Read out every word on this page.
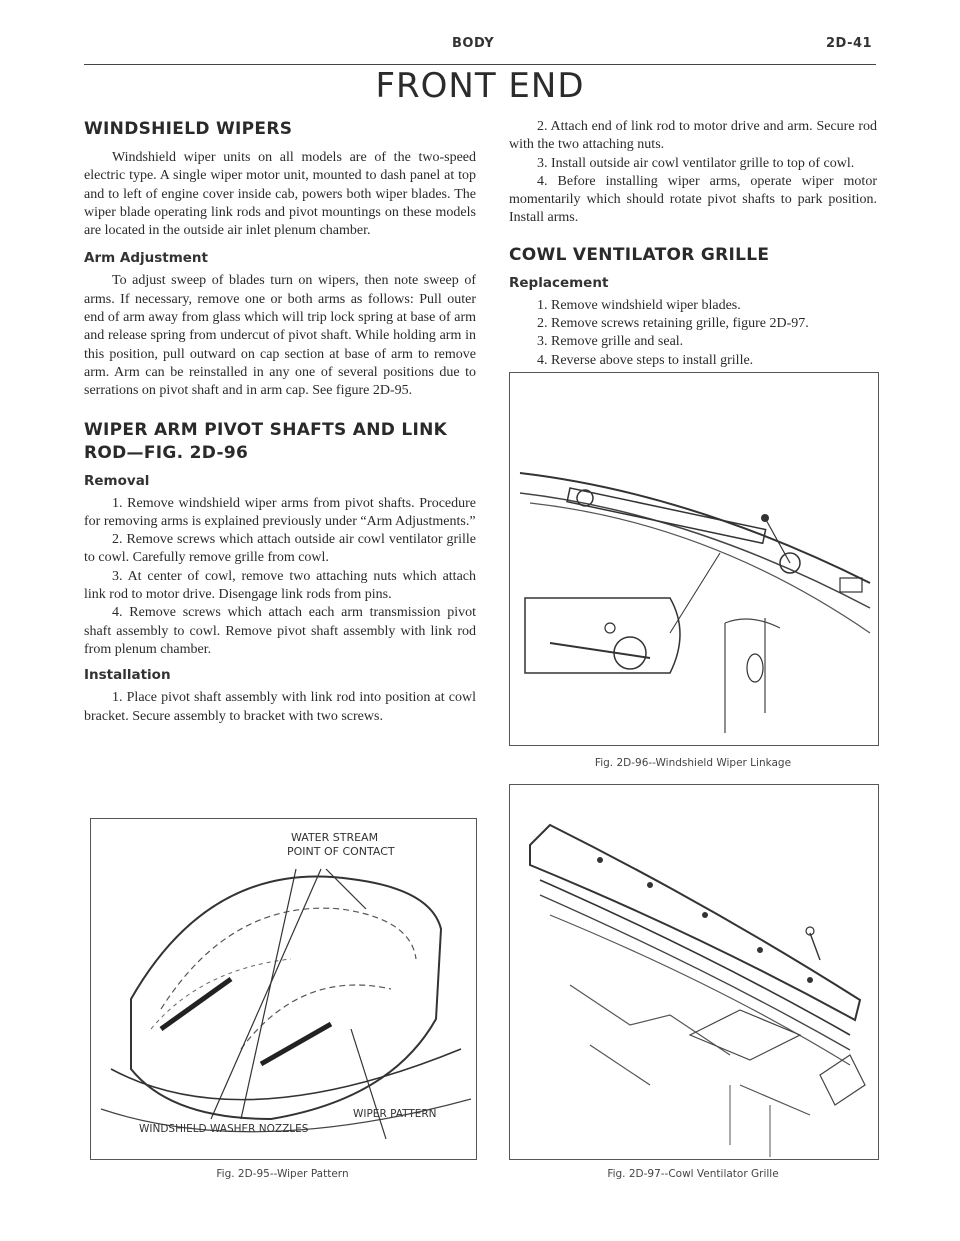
BODY	2D-41
FRONT END
WINDSHIELD WIPERS

Windshield wiper units on all models are of the two-speed electric type. A single wiper motor unit, mounted to dash panel at top and to left of engine cover inside cab, powers both wiper blades. The wiper blade operating link rods and pivot mountings on these models are located in the outside air inlet plenum chamber.

Arm Adjustment

To adjust sweep of blades turn on wipers, then note sweep of arms. If necessary, remove one or both arms as follows: Pull outer end of arm away from glass which will trip lock spring at base of arm and release spring from undercut of pivot shaft. While holding arm in this position, pull outward on cap section at base of arm to remove arm. Arm can be reinstalled in any one of several positions due to serrations on pivot shaft and in arm cap. See figure 2D-95.

WIPER ARM PIVOT SHAFTS AND LINK ROD—FIG. 2D-96
Removal

1. Remove windshield wiper arms from pivot shafts. Procedure for removing arms is explained previously under “Arm Adjustments.”

2. Remove screws which attach outside air cowl ventilator grille to cowl. Carefully remove grille from cowl.

3. At center of cowl, remove two attaching nuts which attach link rod to motor drive. Disengage link rods from pins.

4. Remove screws which attach each arm transmission pivot shaft assembly to cowl. Remove pivot shaft assembly with link rod from plenum chamber.

Installation

1. Place pivot shaft assembly with link rod into position at cowl bracket. Secure assembly to bracket with two screws.

WATER STREAM
POINT OF CONTACT
WIPER PATTERN
WINDSHIELD WASHER NOZZLES
Fig. 2D-95--Wiper Pattern

2. Attach end of link rod to motor drive and arm. Secure rod with the two attaching nuts.

3. Install outside air cowl ventilator grille to top of cowl.

4. Before installing wiper arms, operate wiper motor momentarily which should rotate pivot shafts to park position. Install arms.

COWL VENTILATOR GRILLE
Replacement
1. Remove windshield wiper blades.
2. Remove screws retaining grille, figure 2D-97.
3. Remove grille and seal.
4. Reverse above steps to install grille.
Fig. 2D-96--Windshield Wiper Linkage
Fig. 2D-97--Cowl Ventilator Grille
